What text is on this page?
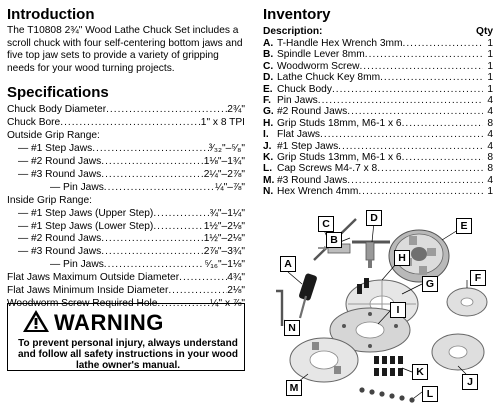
Introduction

The T10808 2¾" Wood Lathe Chuck Set includes a scroll chuck with four self-centering bottom jaws and five top jaw sets to provide a variety of gripping needs for your wood turning projects.

Specifications
Chuck Body Diameter .....	2¾"
Chuck Bore .....	1" x 8 TPI
Outside Grip Range:
— #1 Step Jaws .....	³⁄₃₂"–⁵⁄₈"
— #2 Round Jaws .....	1⅛"–1¾"
— #3 Round Jaws .....	2¼"–2⅞"
— Pin Jaws .....	¼"–⅞"
Inside Grip Range:
— #1 Step Jaws (Upper Step) .....	¾"–1¼"
— #1 Step Jaws (Lower Step) .....	1½"–2⅛"
— #2 Round Jaws .....	1½"–2⅛"
— #3 Round Jaws .....	2⅞"–3¾"
— Pin Jaws .....	⁵⁄₁₆"–1⅛"
Flat Jaws Maximum Outside Diameter .....	4¾"
Flat Jaws Minimum Inside Diameter .....	2⅛"
Woodworm Screw Required Hole .....	¼" x ⅞"
WARNING
To prevent personal injury, always understand and follow all safety instructions in your wood lathe owner's manual.
Inventory
Description:	Qty
A. T-Handle Hex Wrench 3mm .....	1
B. Spindle Lever 8mm .....	1
C. Woodworm Screw .....	1
D. Lathe Chuck Key 8mm .....	1
E. Chuck Body .....	1
F. Pin Jaws .....	4
G. #2 Round Jaws .....	4
H. Grip Studs 18mm, M6-1 x 6 .....	8
I. Flat Jaws .....	4
J. #1 Step Jaws .....	4
K. Grip Studs 13mm, M6-1 x 6 .....	8
L. Cap Screws M4-.7 x 8 .....	8
M. #3 Round Jaws .....	4
N. Hex Wrench 4mm .....	1
A
B
C	D
E
F
G
H
I
J
K
L
M
N
